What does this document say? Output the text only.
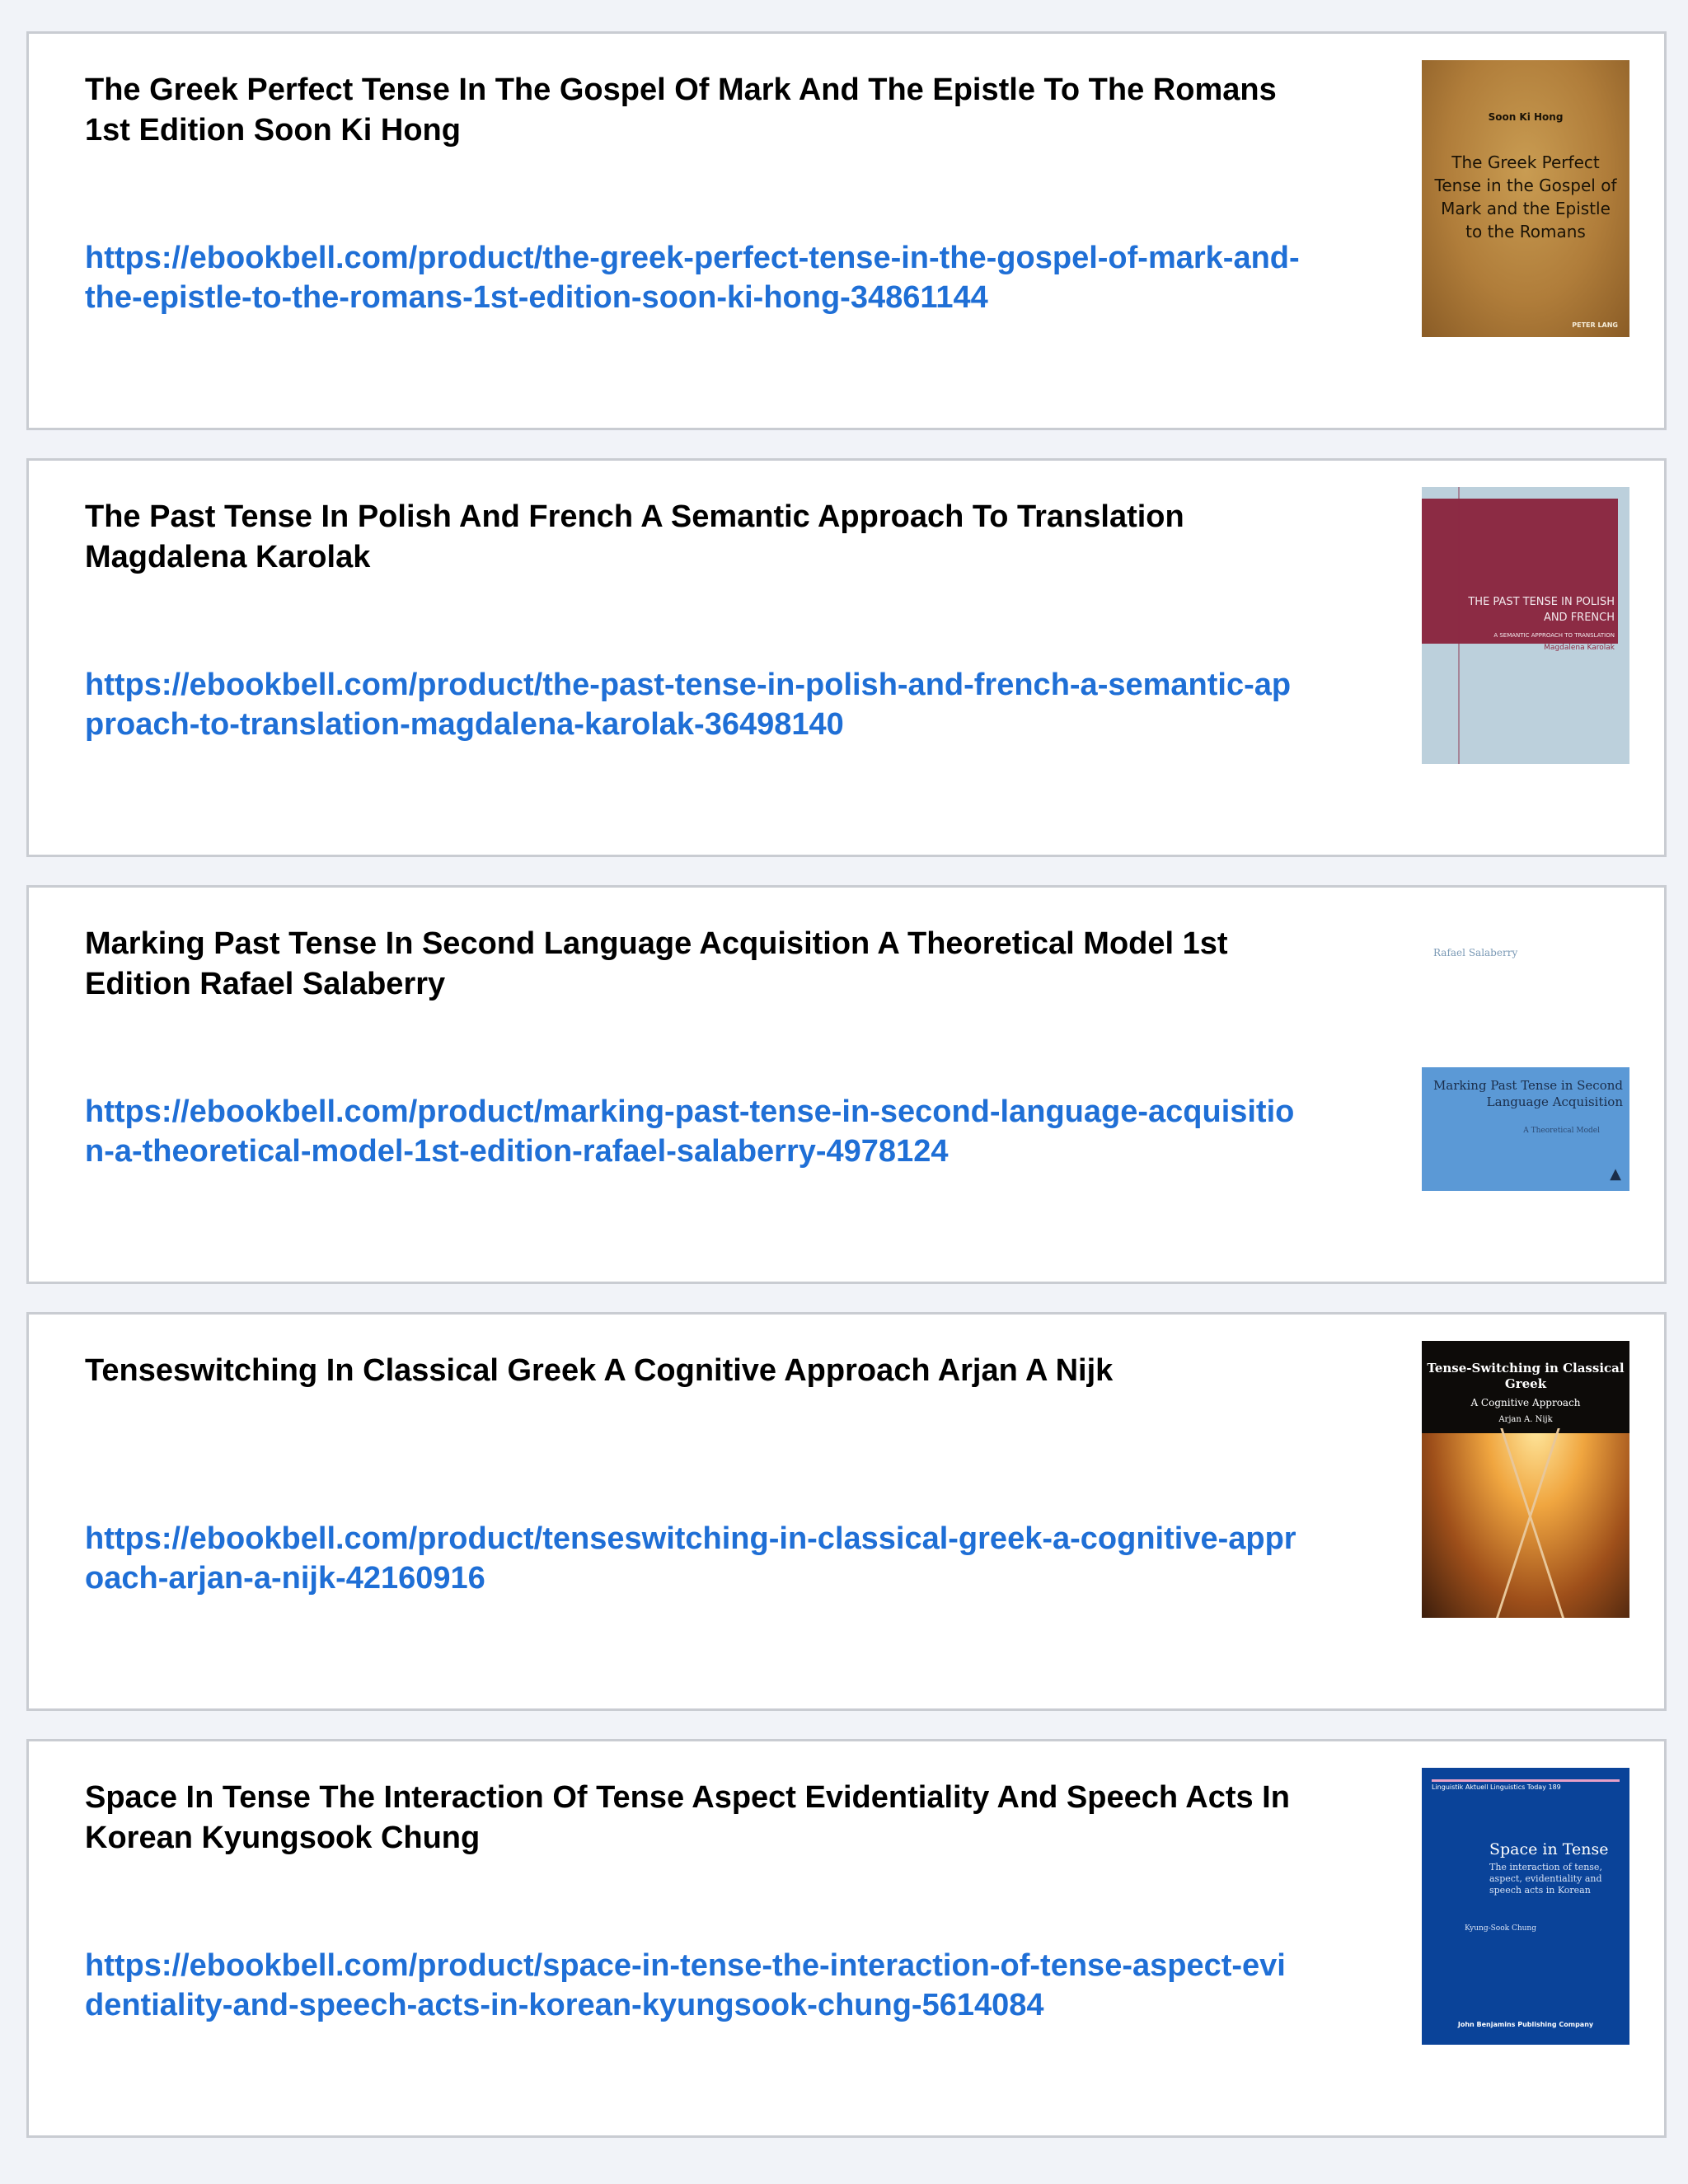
The Greek Perfect Tense In The Gospel Of Mark And The Epistle To The Romans 1st Edition Soon Ki Hong
https://ebookbell.com/product/the-greek-perfect-tense-in-the-gospel-of-mark-and-the-epistle-to-the-romans-1st-edition-soon-ki-hong-34861144
Soon Ki Hong
The Greek Perfect Tense in the Gospel of Mark and the Epistle to the Romans
PETER LANG
The Past Tense In Polish And French A Semantic Approach To Translation Magdalena Karolak
https://ebookbell.com/product/the-past-tense-in-polish-and-french-a-semantic-approach-to-translation-magdalena-karolak-36498140
THE PAST TENSE IN POLISH AND FRENCH
A SEMANTIC APPROACH TO TRANSLATION
Magdalena Karolak
Marking Past Tense In Second Language Acquisition A Theoretical Model 1st Edition Rafael Salaberry
https://ebookbell.com/product/marking-past-tense-in-second-language-acquisition-a-theoretical-model-1st-edition-rafael-salaberry-4978124
Rafael Salaberry
Marking Past Tense in Second Language Acquisition
A Theoretical Model
▲
Tenseswitching In Classical Greek A Cognitive Approach Arjan A Nijk
https://ebookbell.com/product/tenseswitching-in-classical-greek-a-cognitive-approach-arjan-a-nijk-42160916
Tense-Switching in Classical Greek
A Cognitive Approach
Arjan A. Nijk
Space In Tense The Interaction Of Tense Aspect Evidentiality And Speech Acts In Korean Kyungsook Chung
https://ebookbell.com/product/space-in-tense-the-interaction-of-tense-aspect-evidentiality-and-speech-acts-in-korean-kyungsook-chung-5614084
Linguistik Aktuell Linguistics Today 189
Space in Tense
The interaction of tense, aspect, evidentiality and speech acts in Korean
Kyung-Sook Chung
John Benjamins Publishing Company
